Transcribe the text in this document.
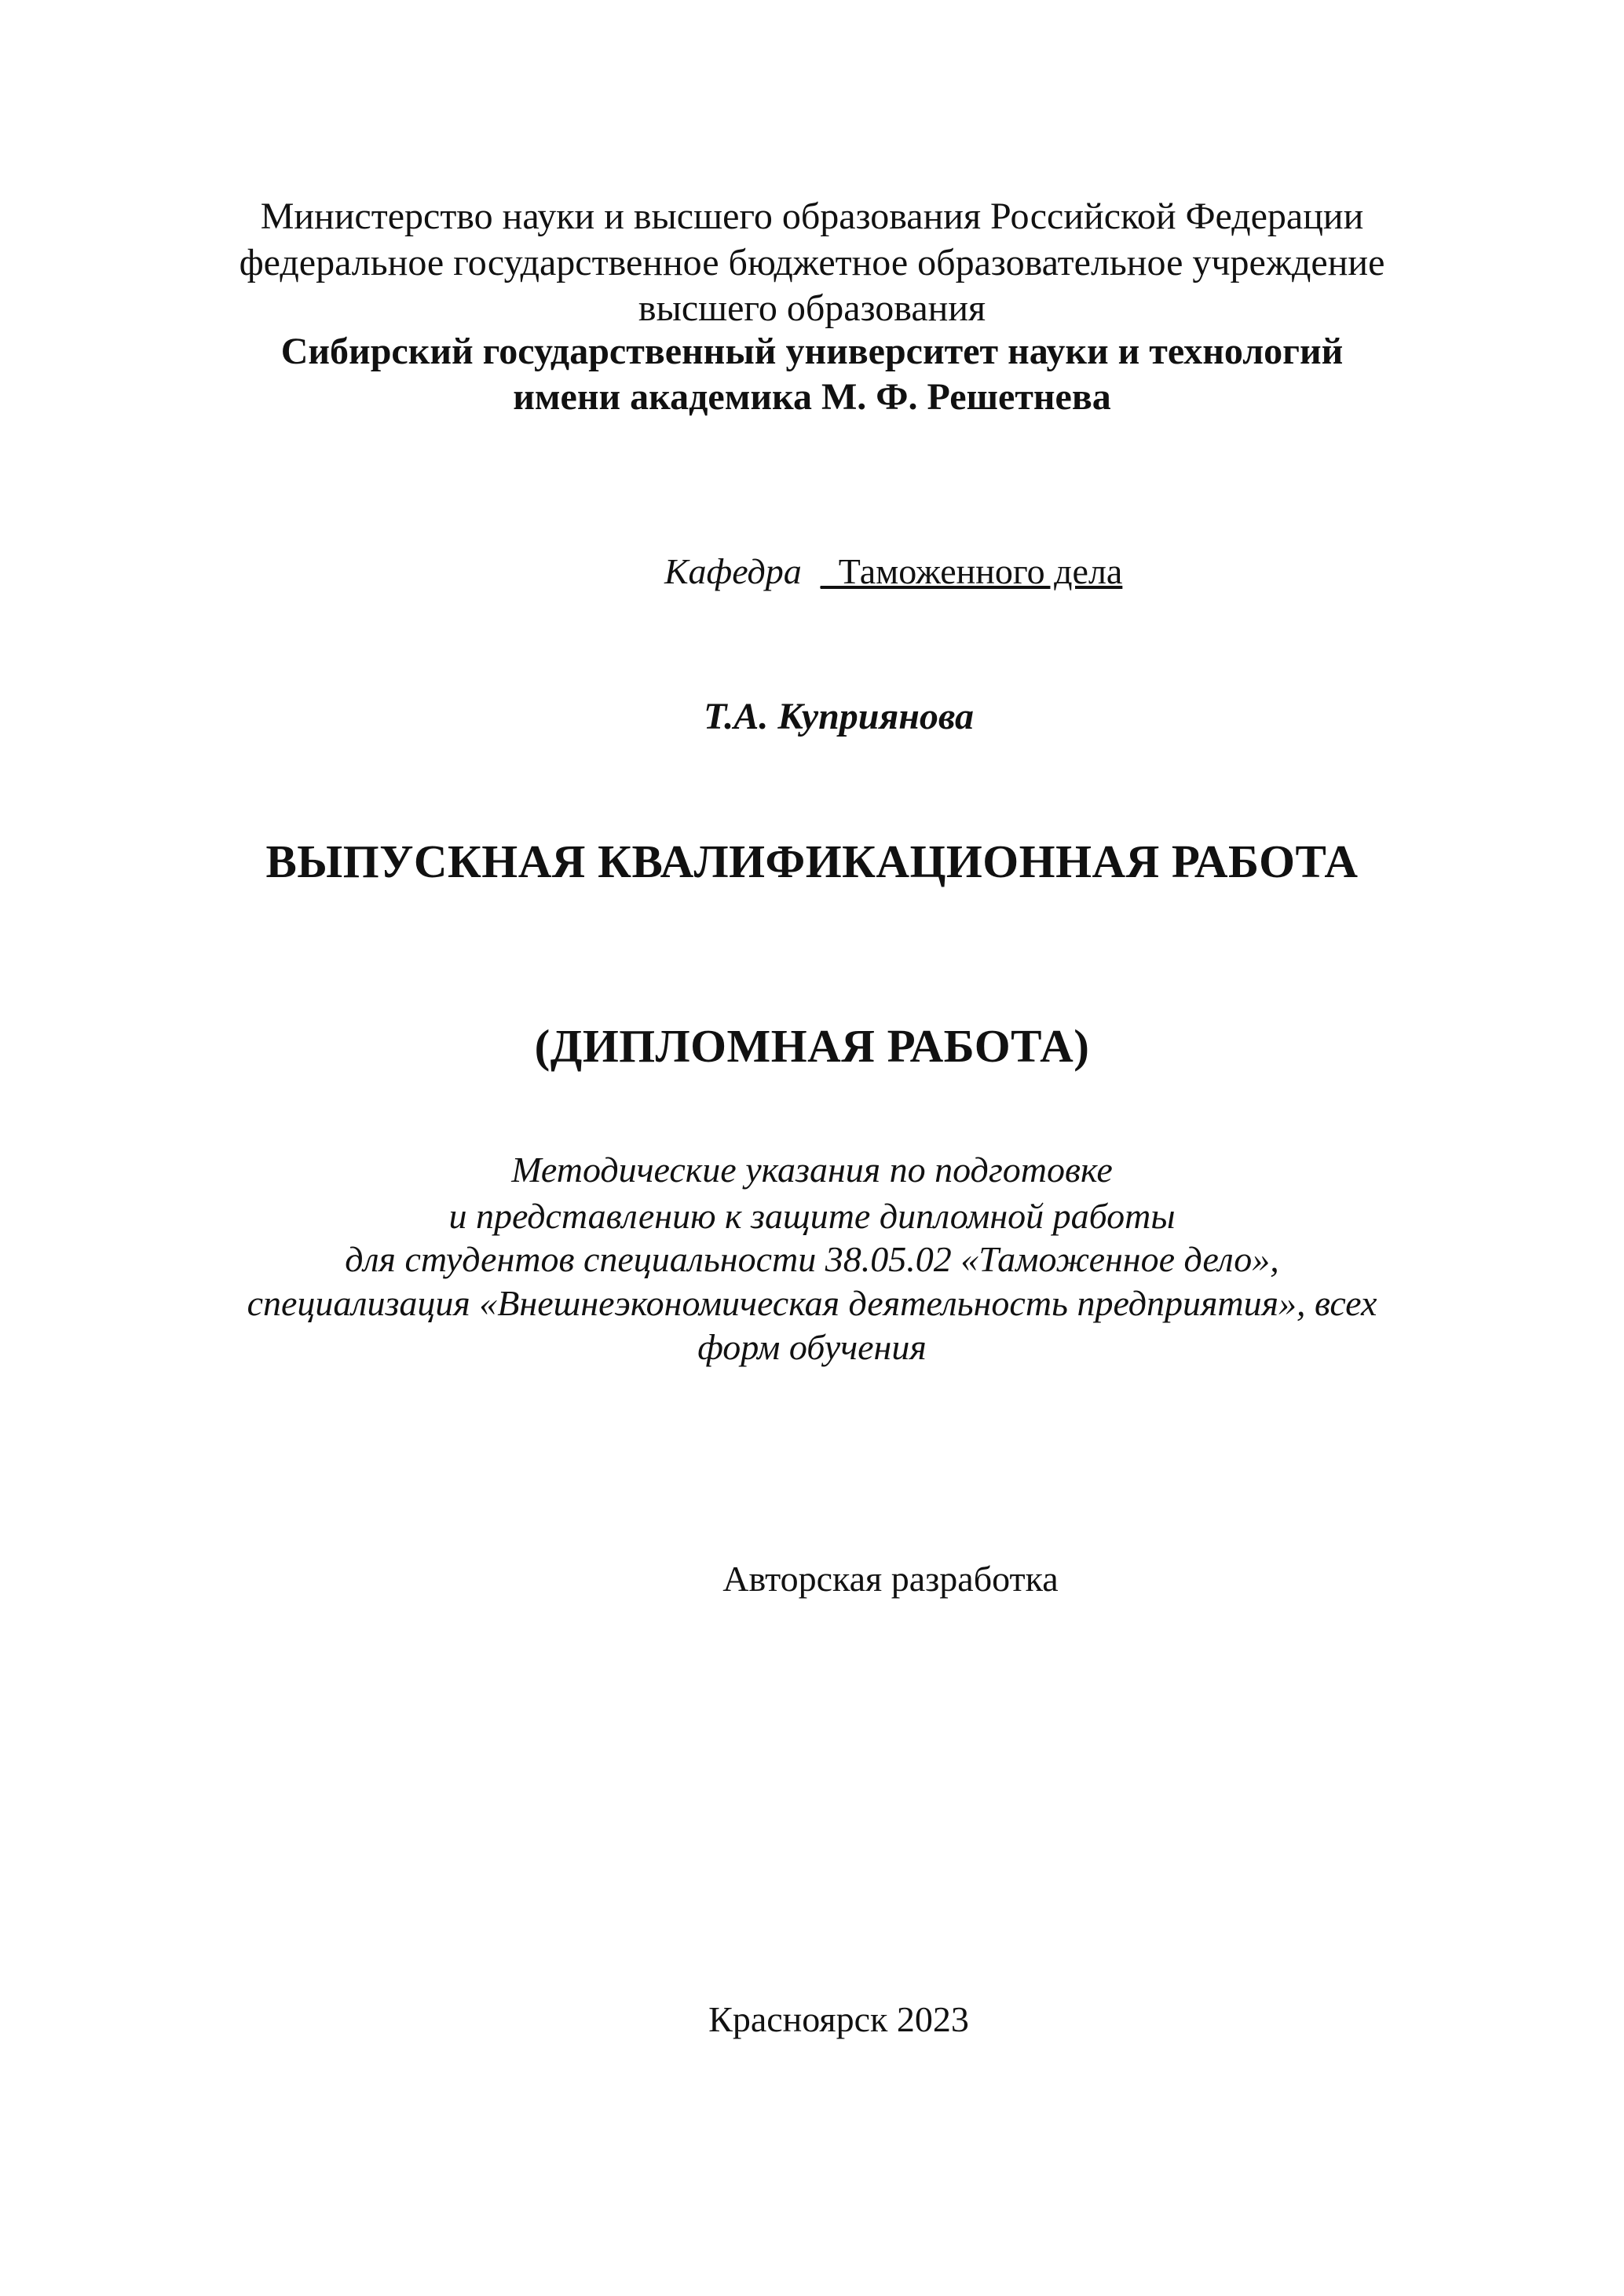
Министерство науки и высшего образования Российской Федерации
федеральное государственное бюджетное образовательное учреждение
высшего образования
Сибирский государственный университет науки и технологий
имени академика М. Ф. Решетнева
Кафедра _Таможенного дела
Т.А. Куприянова
ВЫПУСКНАЯ КВАЛИФИКАЦИОННАЯ РАБОТА
(ДИПЛОМНАЯ РАБОТА)
Методические указания по подготовке
и представлению к защите дипломной работы
для студентов специальности 38.05.02 «Таможенное дело»,
специализация «Внешнеэкономическая деятельность предприятия», всех
форм обучения
Авторская разработка
Красноярск 2023
